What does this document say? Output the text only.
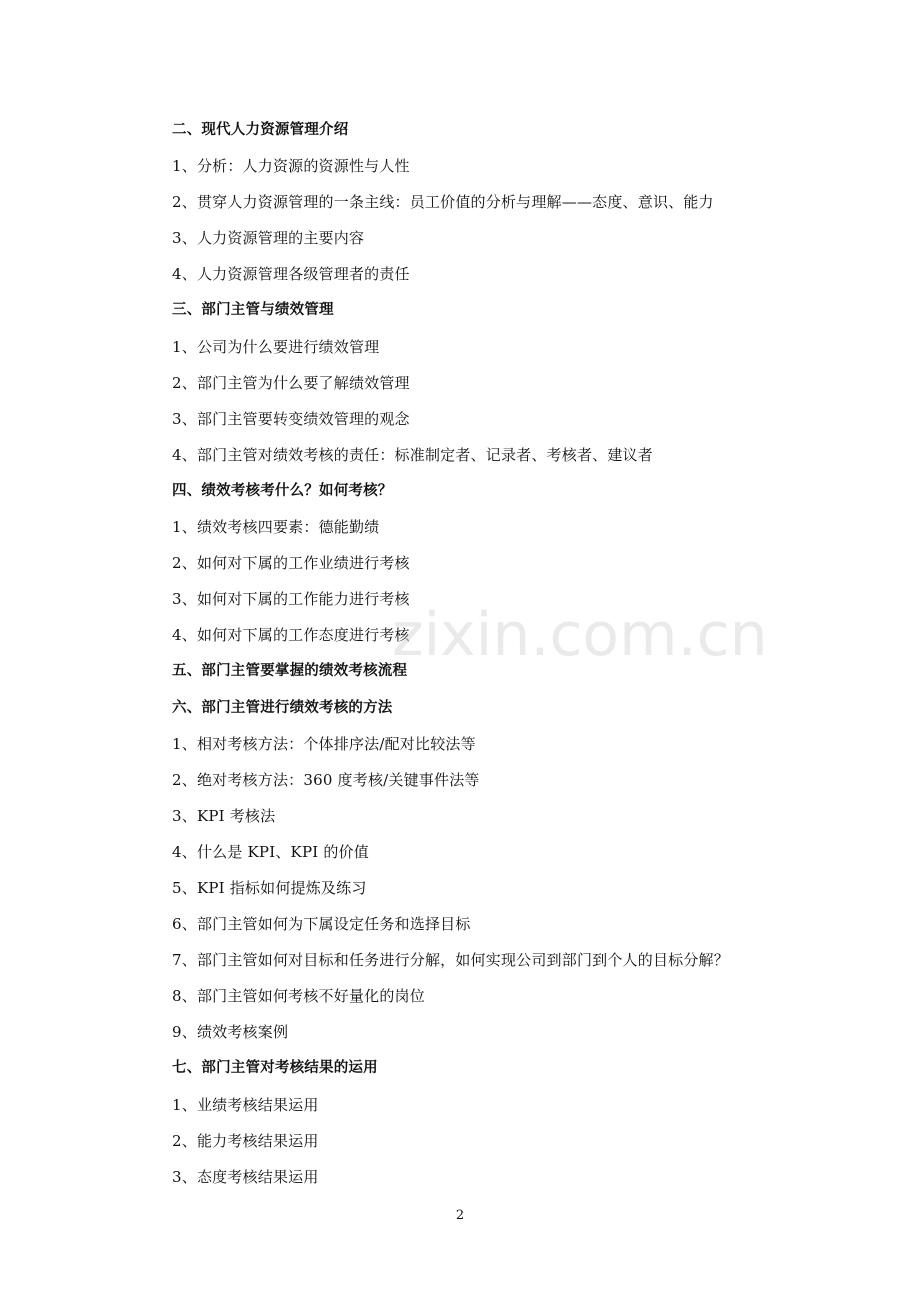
二、现代人力资源管理介绍
1、分析：人力资源的资源性与人性
2、贯穿人力资源管理的一条主线：员工价值的分析与理解——态度、意识、能力
3、人力资源管理的主要内容
4、人力资源管理各级管理者的责任
三、部门主管与绩效管理
1、公司为什么要进行绩效管理
2、部门主管为什么要了解绩效管理
3、部门主管要转变绩效管理的观念
4、部门主管对绩效考核的责任：标准制定者、记录者、考核者、建议者
四、绩效考核考什么？如何考核？
1、绩效考核四要素：德能勤绩
2、如何对下属的工作业绩进行考核
3、如何对下属的工作能力进行考核
4、如何对下属的工作态度进行考核
五、部门主管要掌握的绩效考核流程
六、部门主管进行绩效考核的方法
1、相对考核方法：个体排序法/配对比较法等
2、绝对考核方法：360 度考核/关键事件法等
3、KPI 考核法
4、什么是 KPI、KPI 的价值
5、KPI 指标如何提炼及练习
6、部门主管如何为下属设定任务和选择目标
7、部门主管如何对目标和任务进行分解，如何实现公司到部门到个人的目标分解？
8、部门主管如何考核不好量化的岗位
9、绩效考核案例
七、部门主管对考核结果的运用
1、业绩考核结果运用
2、能力考核结果运用
3、态度考核结果运用
zixin.com.cn
2
